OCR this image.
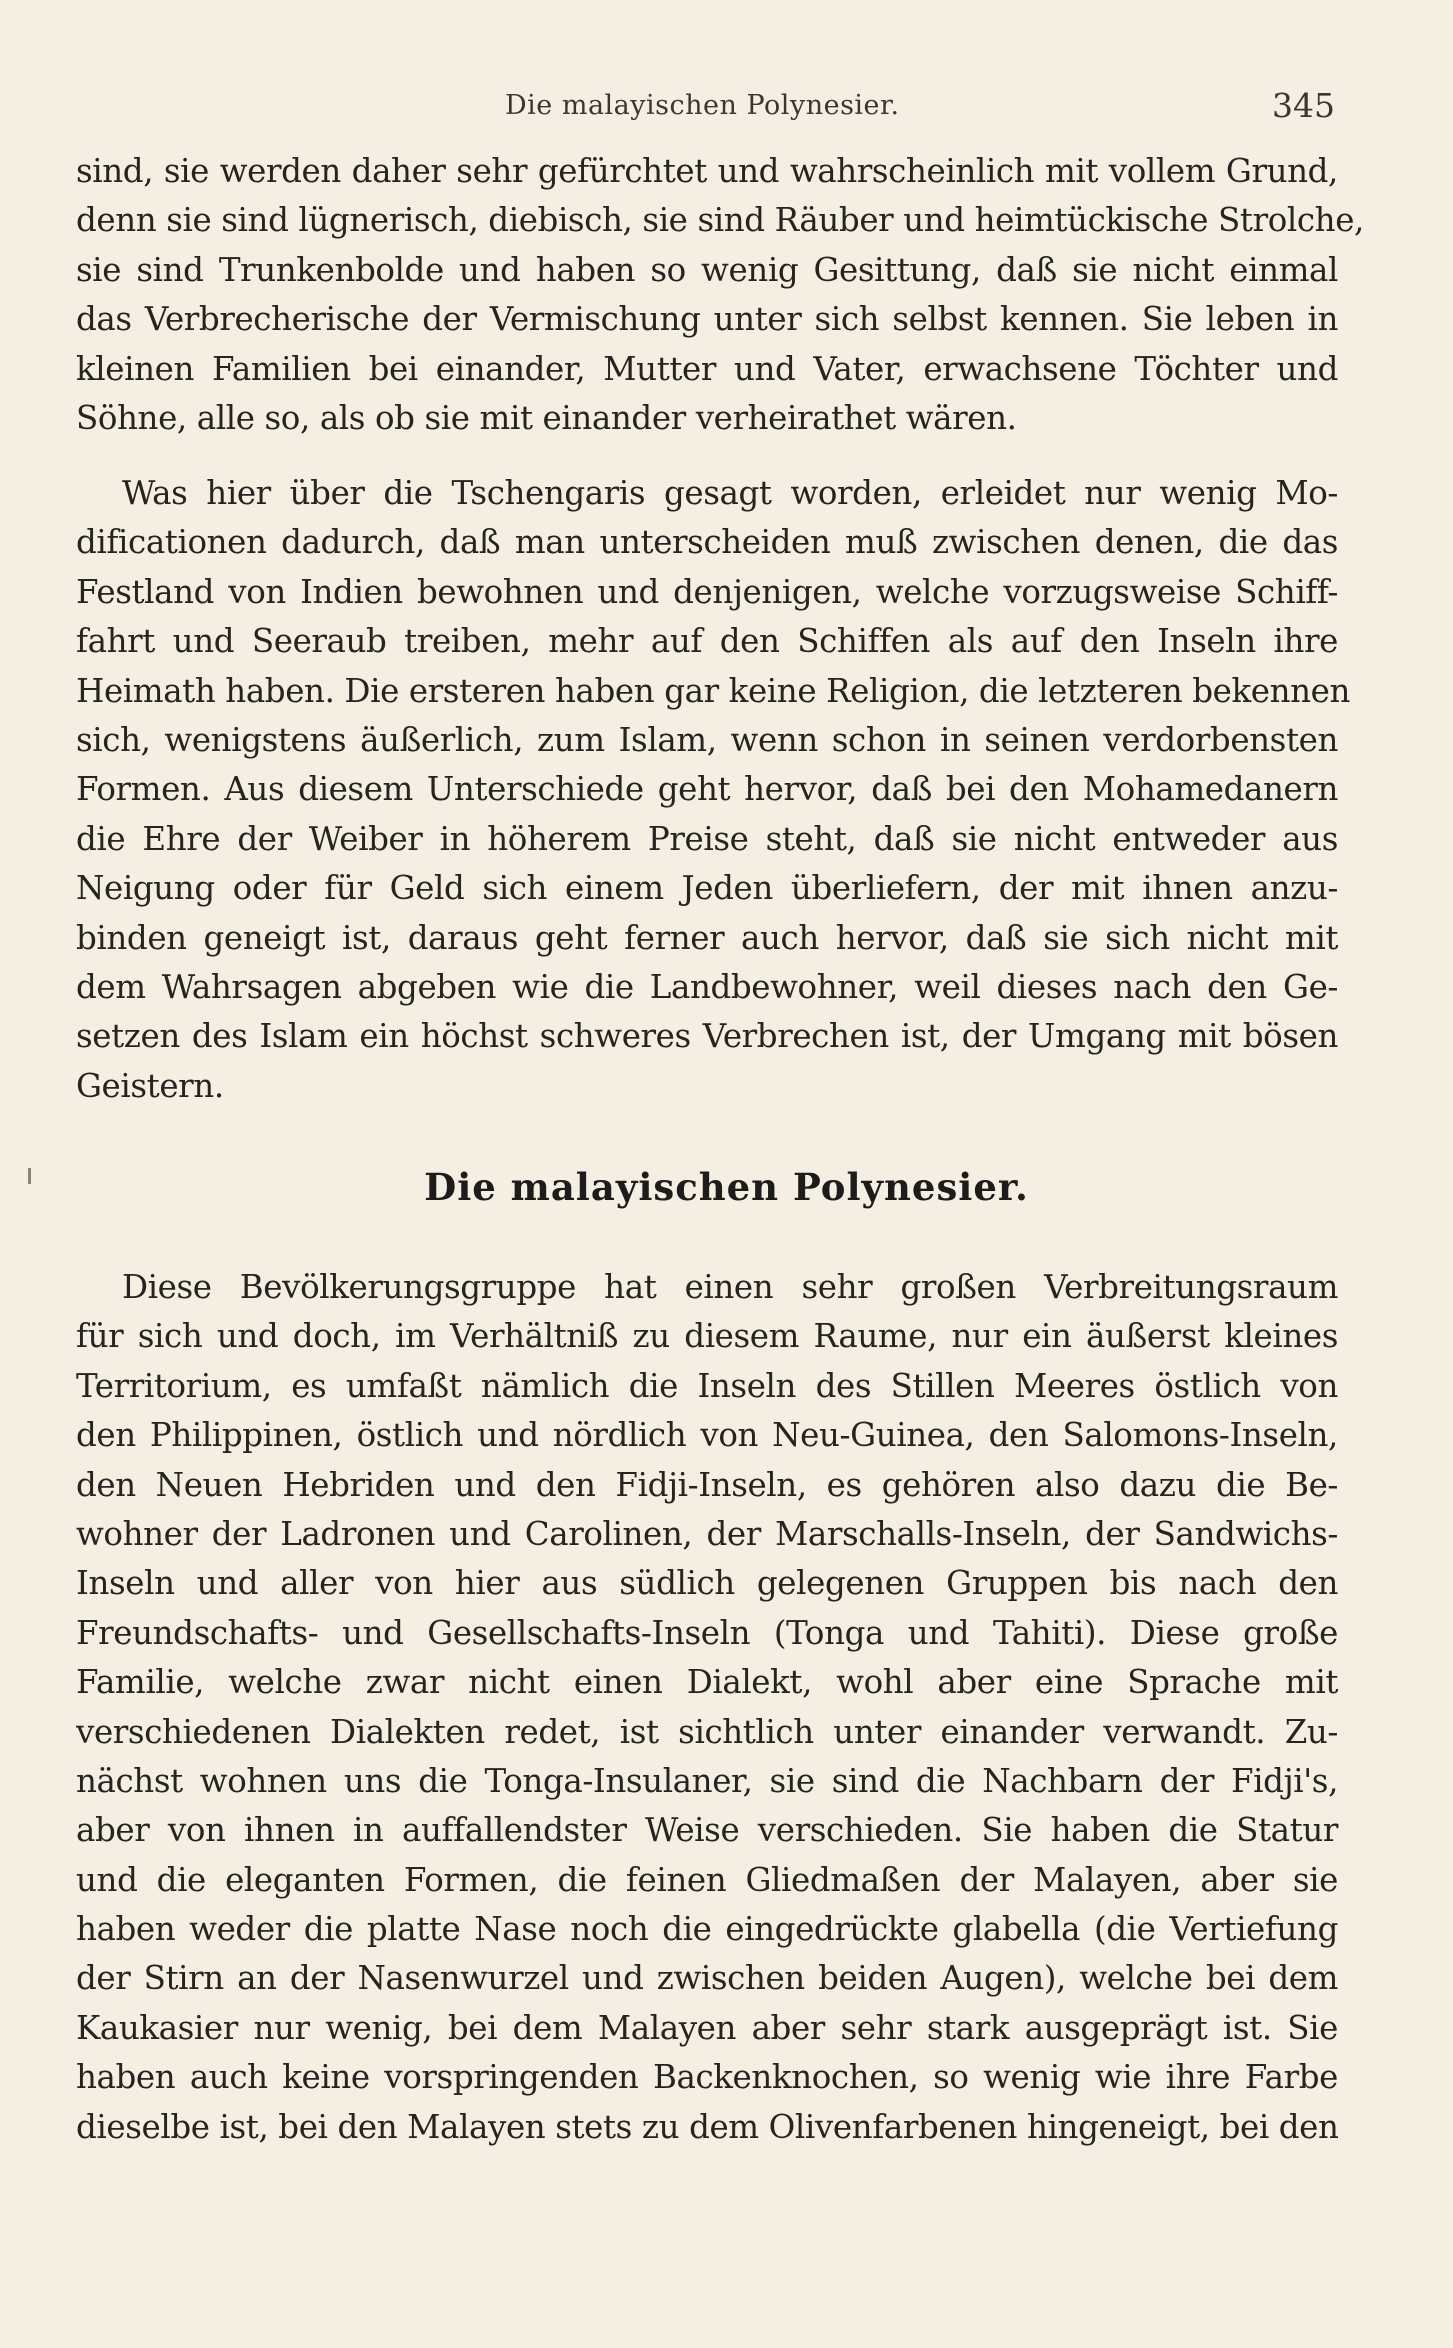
Die malayischen Polynesier.	345
sind, sie werden daher sehr gefürchtet und wahrscheinlich mit vollem Grund,
denn sie sind lügnerisch, diebisch, sie sind Räuber und heimtückische Strolche,
sie sind Trunkenbolde und haben so wenig Gesittung, daß sie nicht einmal
das Verbrecherische der Vermischung unter sich selbst kennen. Sie leben in
kleinen Familien bei einander, Mutter und Vater, erwachsene Töchter und
Söhne, alle so, als ob sie mit einander verheirathet wären.
Was hier über die Tschengaris gesagt worden, erleidet nur wenig Mo-
dificationen dadurch, daß man unterscheiden muß zwischen denen, die das
Festland von Indien bewohnen und denjenigen, welche vorzugsweise Schiff-
fahrt und Seeraub treiben, mehr auf den Schiffen als auf den Inseln ihre
Heimath haben. Die ersteren haben gar keine Religion, die letzteren bekennen
sich, wenigstens äußerlich, zum Islam, wenn schon in seinen verdorbensten
Formen. Aus diesem Unterschiede geht hervor, daß bei den Mohamedanern
die Ehre der Weiber in höherem Preise steht, daß sie nicht entweder aus
Neigung oder für Geld sich einem Jeden überliefern, der mit ihnen anzu-
binden geneigt ist, daraus geht ferner auch hervor, daß sie sich nicht mit
dem Wahrsagen abgeben wie die Landbewohner, weil dieses nach den Ge-
setzen des Islam ein höchst schweres Verbrechen ist, der Umgang mit bösen
Geistern.
Die malayischen Polynesier.
Diese Bevölkerungsgruppe hat einen sehr großen Verbreitungsraum
für sich und doch, im Verhältniß zu diesem Raume, nur ein äußerst kleines
Territorium, es umfaßt nämlich die Inseln des Stillen Meeres östlich von
den Philippinen, östlich und nördlich von Neu-Guinea, den Salomons-Inseln,
den Neuen Hebriden und den Fidji-Inseln, es gehören also dazu die Be-
wohner der Ladronen und Carolinen, der Marschalls-Inseln, der Sandwichs-
Inseln und aller von hier aus südlich gelegenen Gruppen bis nach den
Freundschafts- und Gesellschafts-Inseln (Tonga und Tahiti). Diese große
Familie, welche zwar nicht einen Dialekt, wohl aber eine Sprache mit
verschiedenen Dialekten redet, ist sichtlich unter einander verwandt. Zu-
nächst wohnen uns die Tonga-Insulaner, sie sind die Nachbarn der Fidji's,
aber von ihnen in auffallendster Weise verschieden. Sie haben die Statur
und die eleganten Formen, die feinen Gliedmaßen der Malayen, aber sie
haben weder die platte Nase noch die eingedrückte glabella (die Vertiefung
der Stirn an der Nasenwurzel und zwischen beiden Augen), welche bei dem
Kaukasier nur wenig, bei dem Malayen aber sehr stark ausgeprägt ist. Sie
haben auch keine vorspringenden Backenknochen, so wenig wie ihre Farbe
dieselbe ist, bei den Malayen stets zu dem Olivenfarbenen hingeneigt, bei den
